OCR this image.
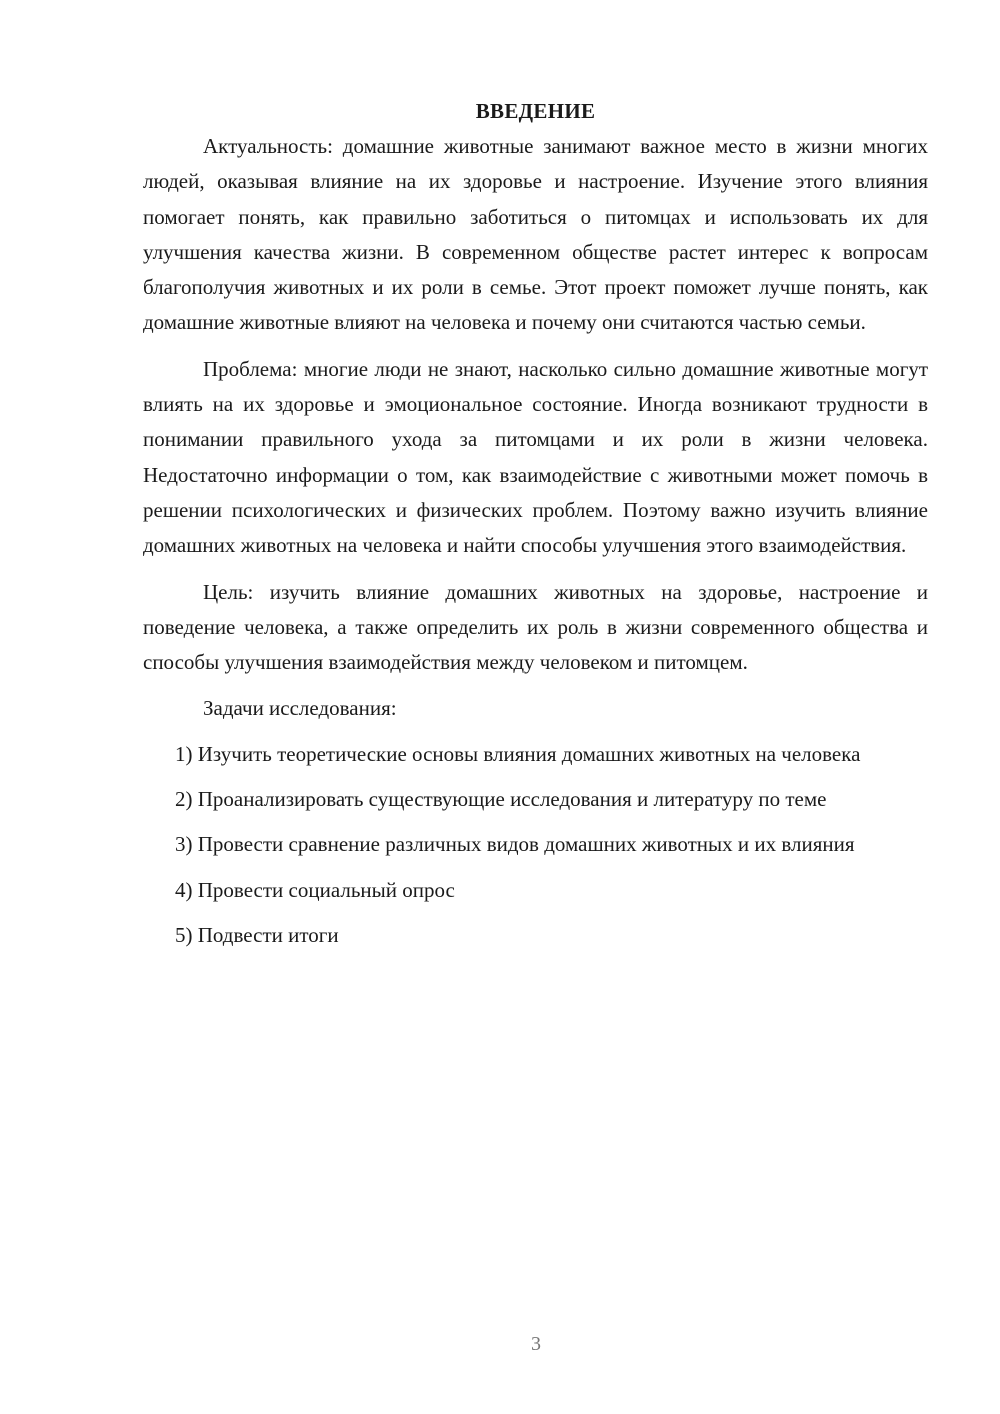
ВВЕДЕНИЕ

Актуальность: домашние животные занимают важное место в жизни многих людей, оказывая влияние на их здоровье и настроение. Изучение этого влияния помогает понять, как правильно заботиться о питомцах и использовать их для улучшения качества жизни. В современном обществе растет интерес к вопросам благополучия животных и их роли в семье. Этот проект поможет лучше понять, как домашние животные влияют на человека и почему они считаются частью семьи.

Проблема: многие люди не знают, насколько сильно домашние животные могут влиять на их здоровье и эмоциональное состояние. Иногда возникают трудности в понимании правильного ухода за питомцами и их роли в жизни человека. Недостаточно информации о том, как взаимодействие с животными может помочь в решении психологических и физических проблем. Поэтому важно изучить влияние домашних животных на человека и найти способы улучшения этого взаимодействия.

Цель: изучить влияние домашних животных на здоровье, настроение и поведение человека, а также определить их роль в жизни современного общества и способы улучшения взаимодействия между человеком и питомцем.

Задачи исследования:

1) Изучить теоретические основы влияния домашних животных на человека

2) Проанализировать существующие исследования и литературу по теме

3) Провести сравнение различных видов домашних животных и их влияния

4) Провести социальный опрос

5) Подвести итоги

3
